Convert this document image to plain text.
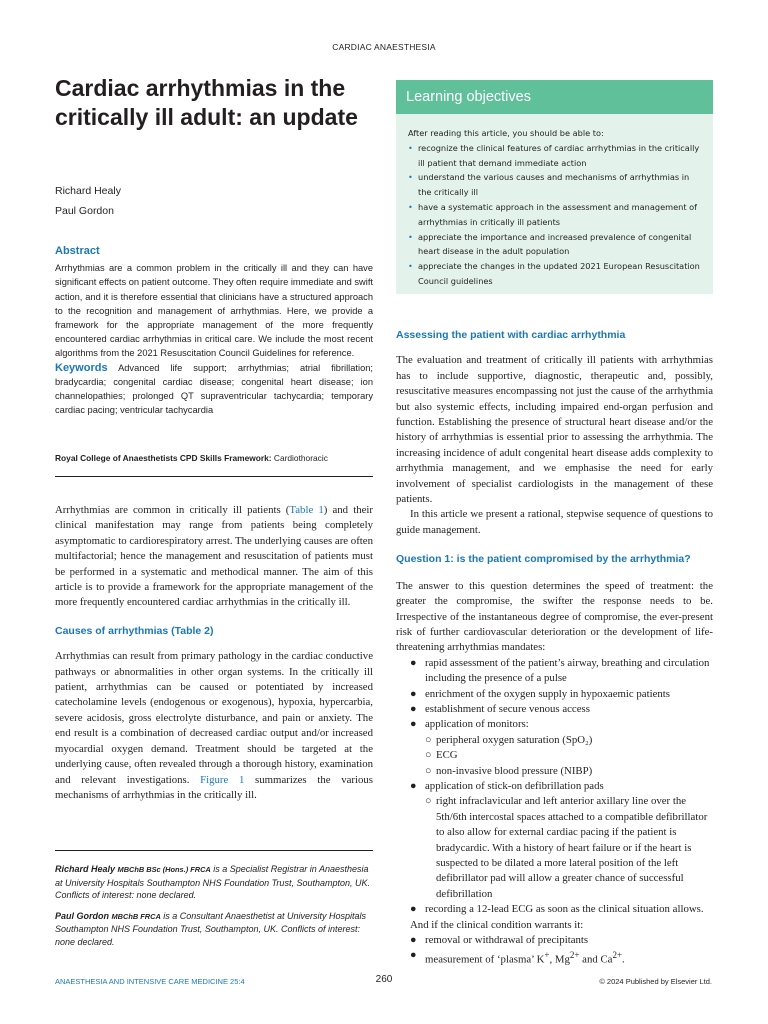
CARDIAC ANAESTHESIA
Cardiac arrhythmias in the critically ill adult: an update
Richard Healy
Paul Gordon
Abstract

Arrhythmias are a common problem in the critically ill and they can have significant effects on patient outcome. They often require immediate and swift action, and it is therefore essential that clinicians have a structured approach to the recognition and management of arrhythmias. Here, we provide a framework for the appropriate management of the more frequently encountered cardiac arrhythmias in critical care. We include the most recent algorithms from the 2021 Resuscitation Council Guidelines for reference.

Keywords Advanced life support; arrhythmias; atrial fibrillation; bradycardia; congenital cardiac disease; congenital heart disease; ion channelopathies; prolonged QT supraventricular tachycardia; temporary cardiac pacing; ventricular tachycardia

Royal College of Anaesthetists CPD Skills Framework: Cardiothoracic

Arrhythmias are common in critically ill patients (Table 1) and their clinical manifestation may range from patients being completely asymptomatic to cardiorespiratory arrest. The underlying causes are often multifactorial; hence the management and resuscitation of patients must be performed in a systematic and methodical manner. The aim of this article is to provide a framework for the appropriate management of the more frequently encountered cardiac arrhythmias in the critically ill.

Causes of arrhythmias (Table 2)

Arrhythmias can result from primary pathology in the cardiac conductive pathways or abnormalities in other organ systems. In the critically ill patient, arrhythmias can be caused or potentiated by increased catecholamine levels (endogenous or exogenous), hypoxia, hypercarbia, severe acidosis, gross electrolyte disturbance, and pain or anxiety. The end result is a combination of decreased cardiac output and/or increased myocardial oxygen demand. Treatment should be targeted at the underlying cause, often revealed through a thorough history, examination and relevant investigations. Figure 1 summarizes the various mechanisms of arrhythmias in the critically ill.

Richard Healy MBChB BSc (Hons.) FRCA is a Specialist Registrar in Anaesthesia at University Hospitals Southampton NHS Foundation Trust, Southampton, UK. Conflicts of interest: none declared.

Paul Gordon MBChB FRCA is a Consultant Anaesthetist at University Hospitals Southampton NHS Foundation Trust, Southampton, UK. Conflicts of interest: none declared.

Learning objectives
After reading this article, you should be able to:
• recognize the clinical features of cardiac arrhythmias in the critically ill patient that demand immediate action
• understand the various causes and mechanisms of arrhythmias in the critically ill
• have a systematic approach in the assessment and management of arrhythmias in critically ill patients
• appreciate the importance and increased prevalence of congenital heart disease in the adult population
• appreciate the changes in the updated 2021 European Resuscitation Council guidelines
Assessing the patient with cardiac arrhythmia

The evaluation and treatment of critically ill patients with arrhythmias has to include supportive, diagnostic, therapeutic and, possibly, resuscitative measures encompassing not just the cause of the arrhythmia but also systemic effects, including impaired end-organ perfusion and function. Establishing the presence of structural heart disease and/or the history of arrhythmias is essential prior to assessing the arrhythmia. The increasing incidence of adult congenital heart disease adds complexity to arrhythmia management, and we emphasise the need for early involvement of specialist cardiologists in the management of these patients.

In this article we present a rational, stepwise sequence of questions to guide management.

Question 1: is the patient compromised by the arrhythmia?

The answer to this question determines the speed of treatment: the greater the compromise, the swifter the response needs to be. Irrespective of the instantaneous degree of compromise, the ever-present risk of further cardiovascular deterioration or the development of life-threatening arrhythmias mandates:

● rapid assessment of the patient’s airway, breathing and circulation including the presence of a pulse
● enrichment of the oxygen supply in hypoxaemic patients
● establishment of secure venous access
● application of monitors:
○ peripheral oxygen saturation (SpO₂)
○ ECG
○ non-invasive blood pressure (NIBP)
● application of stick-on defibrillation pads
○ right infraclavicular and left anterior axillary line over the 5th/6th intercostal spaces attached to a compatible defibrillator to also allow for external cardiac pacing if the patient is bradycardic. With a history of heart failure or if the heart is suspected to be dilated a more lateral position of the left defibrillator pad will allow a greater chance of successful defibrillation
● recording a 12-lead ECG as soon as the clinical situation allows.

And if the clinical condition warrants it:

● removal or withdrawal of precipitants
● measurement of ‘plasma’ K+, $Mg^{2+}$ and $Ca^{2+}$.
ANAESTHESIA AND INTENSIVE CARE MEDICINE 25:4	260	© 2024 Published by Elsevier Ltd.
